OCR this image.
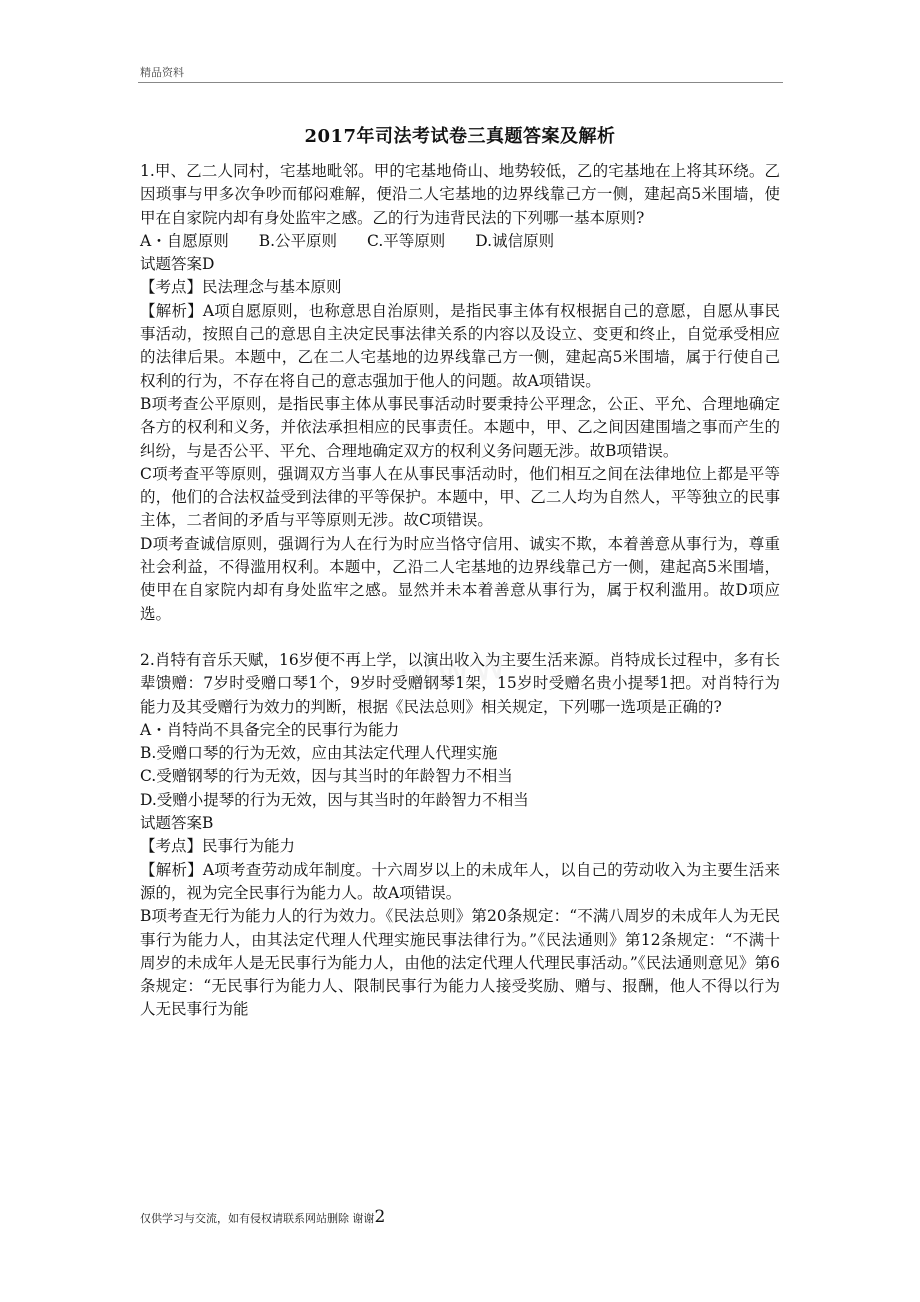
精品资料
2017年司法考试卷三真题答案及解析

1.甲、乙二人同村，宅基地毗邻。甲的宅基地倚山、地势较低，乙的宅基地在上将其环绕。乙因琐事与甲多次争吵而郁闷难解，便沿二人宅基地的边界线靠己方一侧，建起高5米围墙，使甲在自家院内却有身处监牢之感。乙的行为违背民法的下列哪一基本原则?

A・自愿原则 B.公平原则 C.平等原则 D.诚信原则

试题答案D

【考点】民法理念与基本原则

【解析】A项自愿原则，也称意思自治原则，是指民事主体有权根据自己的意愿，自愿从事民事活动，按照自己的意思自主决定民事法律关系的内容以及设立、变更和终止，自觉承受相应的法律后果。本题中，乙在二人宅基地的边界线靠己方一侧，建起高5米围墙，属于行使自己权利的行为，不存在将自己的意志强加于他人的问题。故A项错误。

B项考查公平原则，是指民事主体从事民事活动时要秉持公平理念，公正、平允、合理地确定各方的权利和义务，并依法承担相应的民事责任。本题中，甲、乙之间因建围墙之事而产生的纠纷，与是否公平、平允、合理地确定双方的权利义务问题无涉。故B项错误。

C项考查平等原则，强调双方当事人在从事民事活动时，他们相互之间在法律地位上都是平等的，他们的合法权益受到法律的平等保护。本题中，甲、乙二人均为自然人，平等独立的民事主体，二者间的矛盾与平等原则无涉。故C项错误。

D项考查诚信原则，强调行为人在行为时应当恪守信用、诚实不欺，本着善意从事行为，尊重社会利益，不得滥用权利。本题中，乙沿二人宅基地的边界线靠己方一侧，建起高5米围墙，使甲在自家院内却有身处监牢之感。显然并未本着善意从事行为，属于权利滥用。故D项应选。

2.肖特有音乐天赋，16岁便不再上学，以演出收入为主要生活来源。肖特成长过程中，多有长辈馈赠：7岁时受赠口琴1个，9岁时受赠钢琴1架，15岁时受赠名贵小提琴1把。对肖特行为能力及其受赠行为效力的判断，根据《民法总则》相关规定，下列哪一选项是正确的?

A・肖特尚不具备完全的民事行为能力

B.受赠口琴的行为无效，应由其法定代理人代理实施

C.受赠钢琴的行为无效，因与其当时的年龄智力不相当

D.受赠小提琴的行为无效，因与其当时的年龄智力不相当

试题答案B

【考点】民事行为能力

【解析】A项考查劳动成年制度。十六周岁以上的未成年人，以自己的劳动收入为主要生活来源的，视为完全民事行为能力人。故A项错误。

B项考查无行为能力人的行为效力。《民法总则》第20条规定：“不满八周岁的未成年人为无民事行为能力人，由其法定代理人代理实施民事法律行为。”《民法通则》第12条规定：“不满十周岁的未成年人是无民事行为能力人，由他的法定代理人代理民事活动。”《民法通则意见》第6条规定：“无民事行为能力人、限制民事行为能力人接受奖励、赠与、报酬，他人不得以行为人无民事行为能

仅供学习与交流，如有侵权请联系网站删除 谢谢2
